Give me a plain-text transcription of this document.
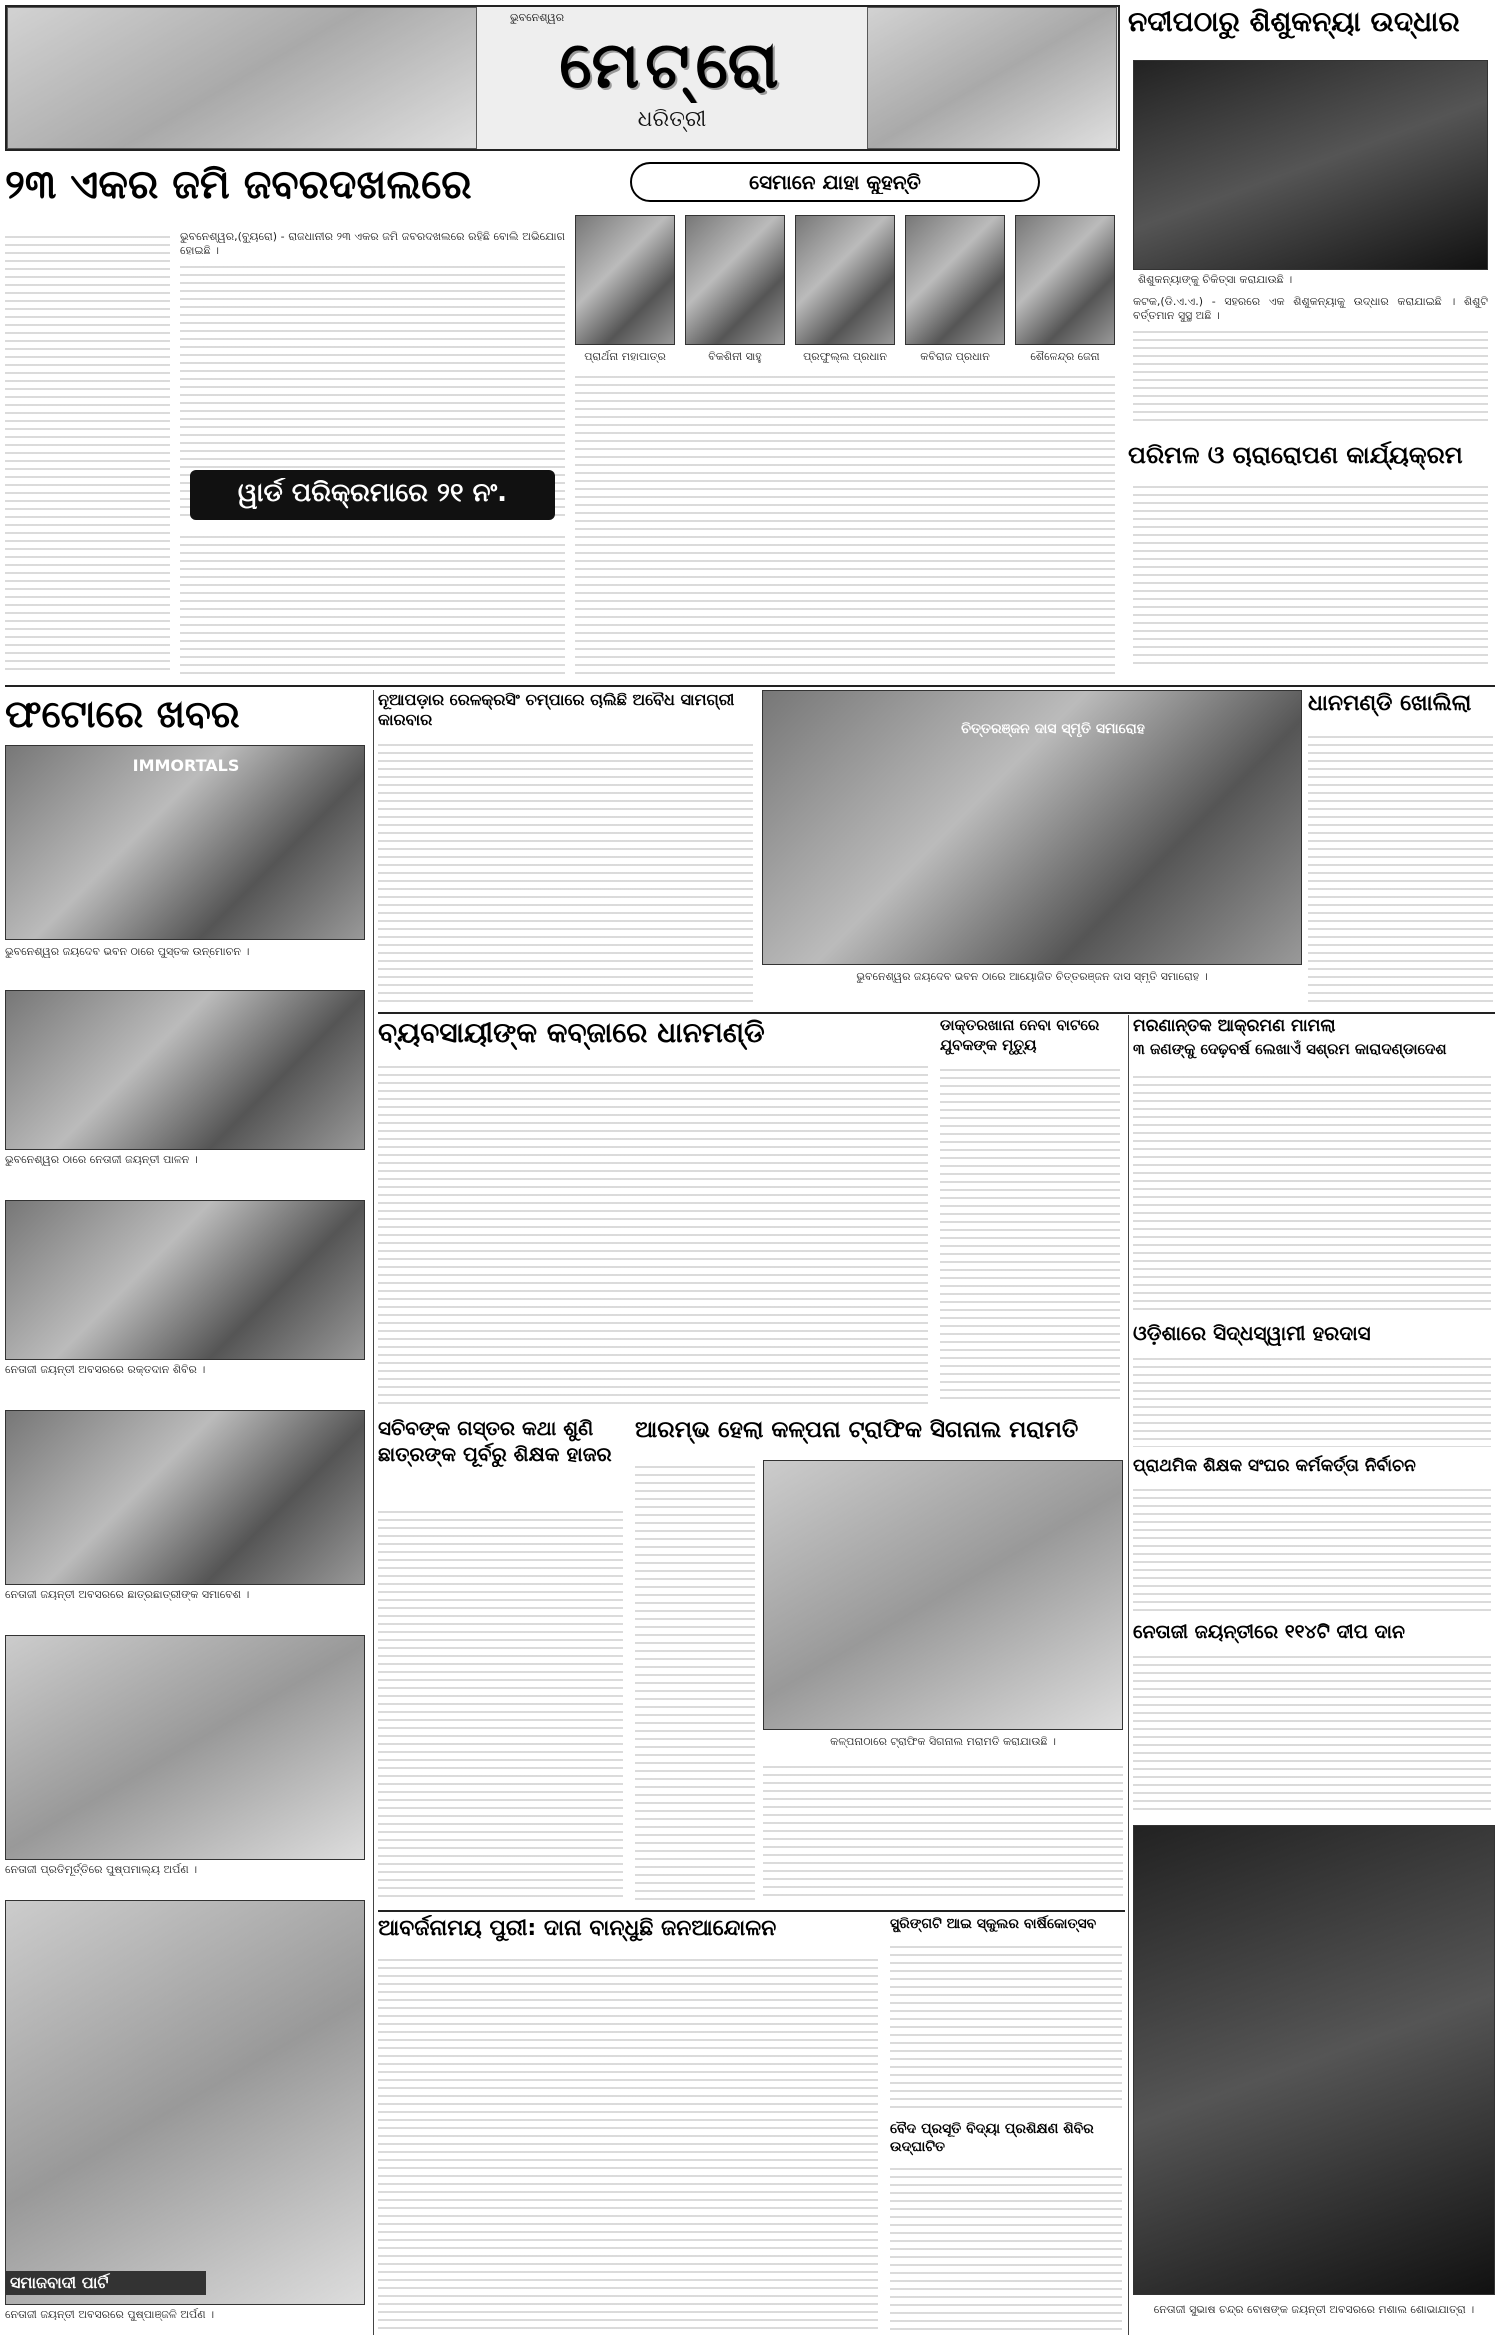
ଭୁବନେଶ୍ୱର
ମେଟ୍ରୋ
ଧରିତ୍ରୀ
ନଦୀପଠାରୁ ଶିଶୁକନ୍ୟା ଉଦ୍ଧାର
ଶିଶୁକନ୍ୟାଙ୍କୁ ଚିକିତ୍ସା କରାଯାଉଛି ।
କଟକ,(ଡି.ଏ.ଏ.) - ସହରରେ ଏକ ଶିଶୁକନ୍ୟାକୁ ଉଦ୍ଧାର କରାଯାଇଛି । ଶିଶୁଟି ବର୍ତ୍ତମାନ ସୁସ୍ଥ ଅଛି ।
ପରିମଳ ଓ ଚାରାରୋପଣ କାର୍ଯ୍ୟକ୍ରମ
୨୩ ଏକର ଜମି ଜବରଦଖଲରେ
ଭୁବନେଶ୍ୱର,(ବ୍ୟୁରୋ) - ରାଜଧାନୀର ୨୩ ଏକର ଜମି ଜବରଦଖଲରେ ରହିଛି ବୋଲି ଅଭିଯୋଗ ହୋଇଛି ।
ୱାର୍ଡ ପରିକ୍ରମାରେ ୨୧ ନଂ.
ସେମାନେ ଯାହା କୁହନ୍ତି
ପ୍ରାର୍ଥନା ମହାପାତ୍ର	ବିକଶିନୀ ସାହୁ	ପ୍ରଫୁଲ୍ଲ ପ୍ରଧାନ	କବିରାଜ ପ୍ରଧାନ	ଶୈଳେନ୍ଦ୍ର ଜେନା
ଫଟୋରେ ଖବର
IMMORTALS
ଭୁବନେଶ୍ୱର ଜୟଦେବ ଭବନ ଠାରେ ପୁସ୍ତକ ଉନ୍ମୋଚନ ।
ଭୁବନେଶ୍ୱର ଠାରେ ନେତାଜୀ ଜୟନ୍ତୀ ପାଳନ ।
ନେତାଜୀ ଜୟନ୍ତୀ ଅବସରରେ ରକ୍ତଦାନ ଶିବିର ।
ନେତାଜୀ ଜୟନ୍ତୀ ଅବସରରେ ଛାତ୍ରଛାତ୍ରୀଙ୍କ ସମାବେଶ ।
ନେତାଜୀ ପ୍ରତିମୂର୍ତ୍ତିରେ ପୁଷ୍ପମାଲ୍ୟ ଅର୍ପଣ ।
ସମାଜବାଦୀ ପାର୍ଟି
ନେତାଜୀ ଜୟନ୍ତୀ ଅବସରରେ ପୁଷ୍ପାଞ୍ଜଳି ଅର୍ପଣ ।
ନୂଆପଡ଼ାର ରେଳକ୍ରସିଂ ଚମ୍ପାରେ ଚାଲିଛି ଅବୈଧ ସାମଗ୍ରୀ କାରବାର	ଚିତ୍ତରଞ୍ଜନ ଦାସ ସ୍ମୃତି ସମାରୋହ
ଭୁବନେଶ୍ୱର ଜୟଦେବ ଭବନ ଠାରେ ଆୟୋଜିତ ଚିତ୍ତରଞ୍ଜନ ଦାସ ସ୍ମୃତି ସମାରୋହ ।
ଧାନମଣ୍ଡି ଖୋଲିଲା
ବ୍ୟବସାୟୀଙ୍କ କବ୍‌ଜାରେ ଧାନମଣ୍ଡି	ଡାକ୍ତରଖାନା ନେବା ବାଟରେ ଯୁବକଙ୍କ ମୃତ୍ୟୁ
ମରଣାନ୍ତକ ଆକ୍ରମଣ ମାମଲା
୩ ଜଣଙ୍କୁ ଦେଢ଼ବର୍ଷ ଲେଖାଏଁ ସଶ୍ରମ କାରାଦଣ୍ଡାଦେଶ
ଓଡ଼ିଶାରେ ସିଦ୍ଧସ୍ୱାମୀ ହରଦାସ
ପ୍ରାଥମିକ ଶିକ୍ଷକ ସଂଘର କର୍ମକର୍ତ୍ତା ନିର୍ବାଚନ
ନେତାଜୀ ଜୟନ୍ତୀରେ ୧୧୪ଟି ଦୀପ ଦାନ
ସଚିବଙ୍କ ଗସ୍ତର କଥା ଶୁଣି ଛାତ୍ରଙ୍କ ପୂର୍ବରୁ ଶିକ୍ଷକ ହାଜର
ଆରମ୍ଭ ହେଲା କଳ୍ପନା ଟ୍ରାଫିକ ସିଗନାଲ ମରାମତି
କଳ୍ପନାଠାରେ ଟ୍ରାଫିକ ସିଗନାଲ ମରାମତି କରାଯାଉଛି ।
ଆବର୍ଜନାମୟ ପୁରୀ: ଦାନା ବାନ୍ଧୁଛି ଜନଆନ୍ଦୋଳନ	ସ୍ପ୍ରିଙ୍ଗଟି ଆଇ ସ୍କୁଲର ବାର୍ଷିକୋତ୍ସବ
ବୈଦ ପ୍ରସୂତି ବିଦ୍ୟା ପ୍ରଶିକ୍ଷଣ ଶିବିର ଉଦ୍‌ଘାଟିତ
ନେତାଜୀ ସୁଭାଷ ଚନ୍ଦ୍ର ବୋଷଙ୍କ ଜୟନ୍ତୀ ଅବସରରେ ମଶାଲ ଶୋଭାଯାତ୍ରା ।
